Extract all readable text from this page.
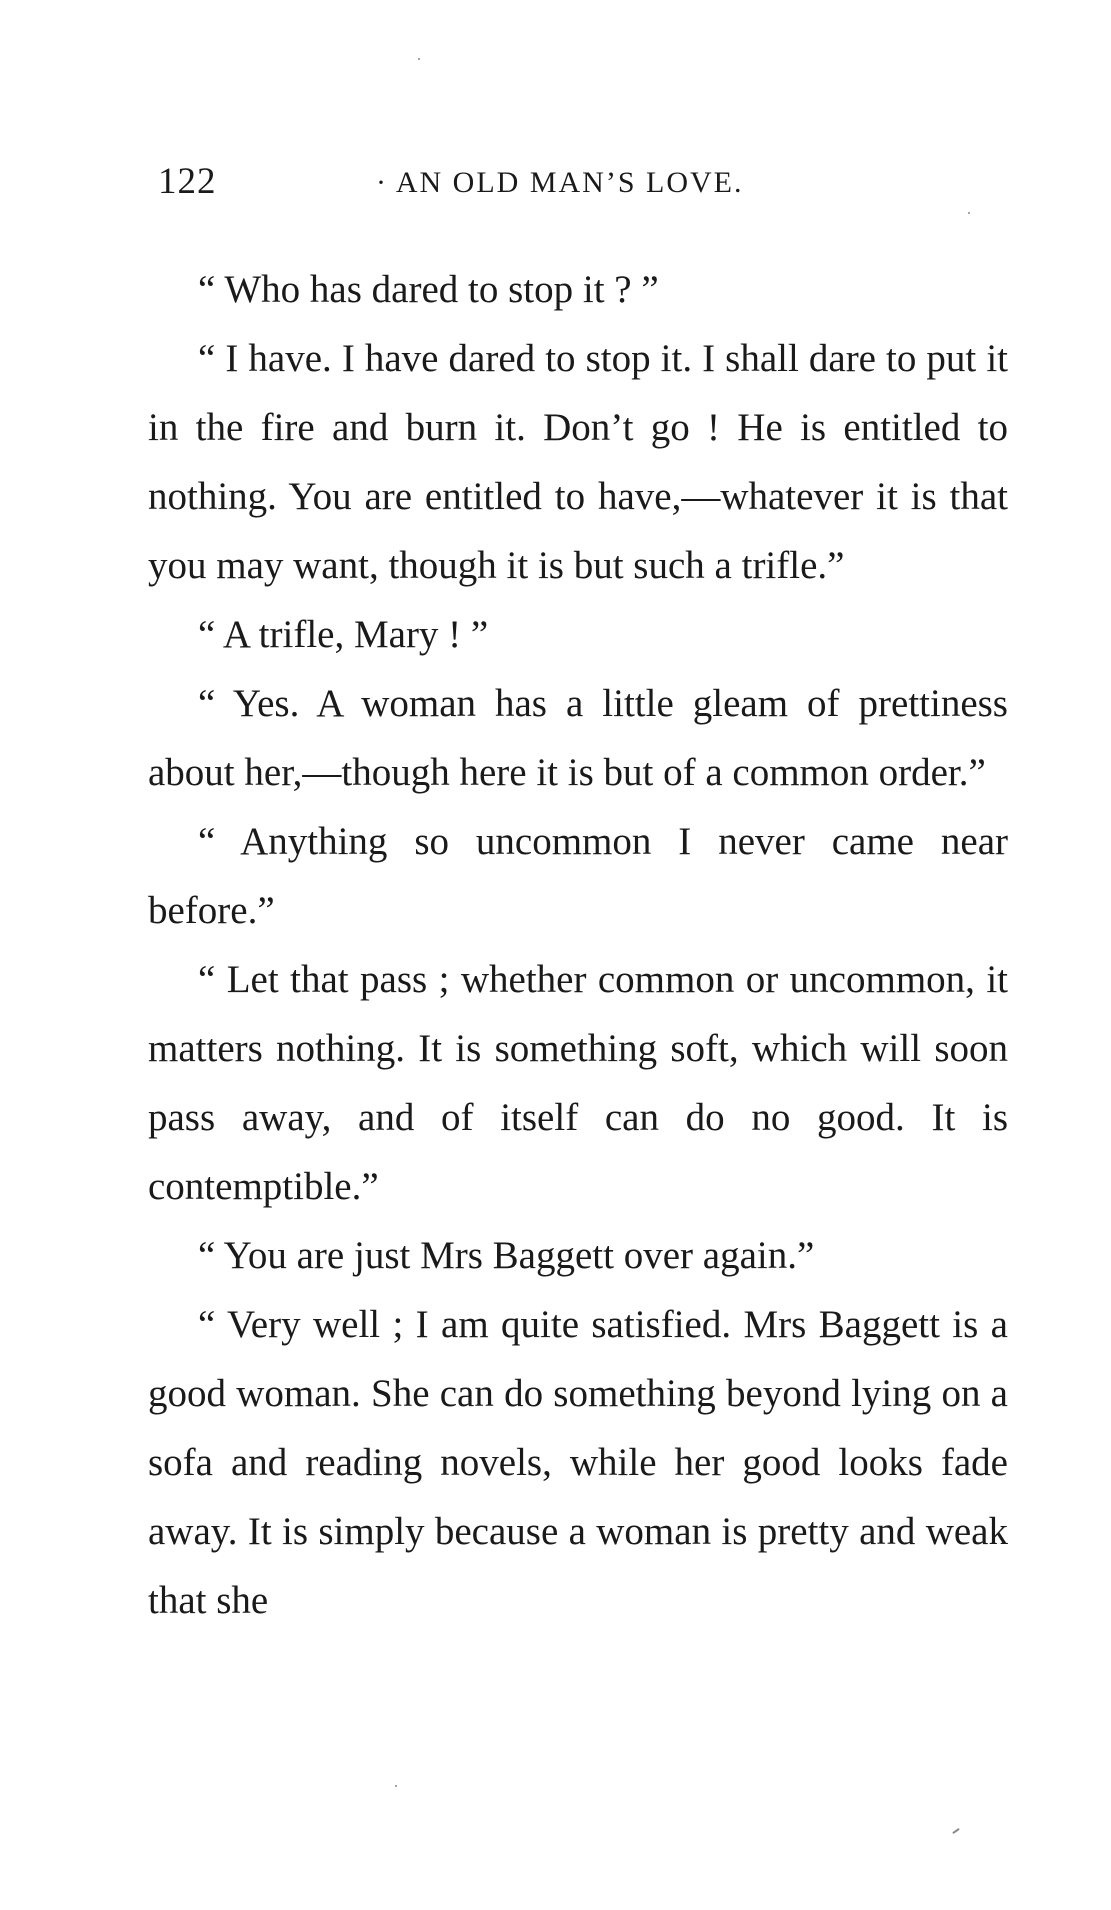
122	· AN OLD MAN’S LOVE.

“ Who has dared to stop it ? ”

“ I have. I have dared to stop it. I shall dare to put it in the fire and burn it. Don’t go ! He is entitled to nothing. You are entitled to have,—whatever it is that you may want, though it is but such a trifle.”

“ A trifle, Mary ! ”

“ Yes. A woman has a little gleam of prettiness about her,—though here it is but of a common order.”

“ Anything so uncommon I never came near before.”

“ Let that pass ; whether common or uncommon, it matters nothing. It is something soft, which will soon pass away, and of itself can do no good. It is contemptible.”

“ You are just Mrs Baggett over again.”

“ Very well ; I am quite satisfied. Mrs Baggett is a good woman. She can do something beyond lying on a sofa and reading novels, while her good looks fade away. It is simply because a woman is pretty and weak that she
